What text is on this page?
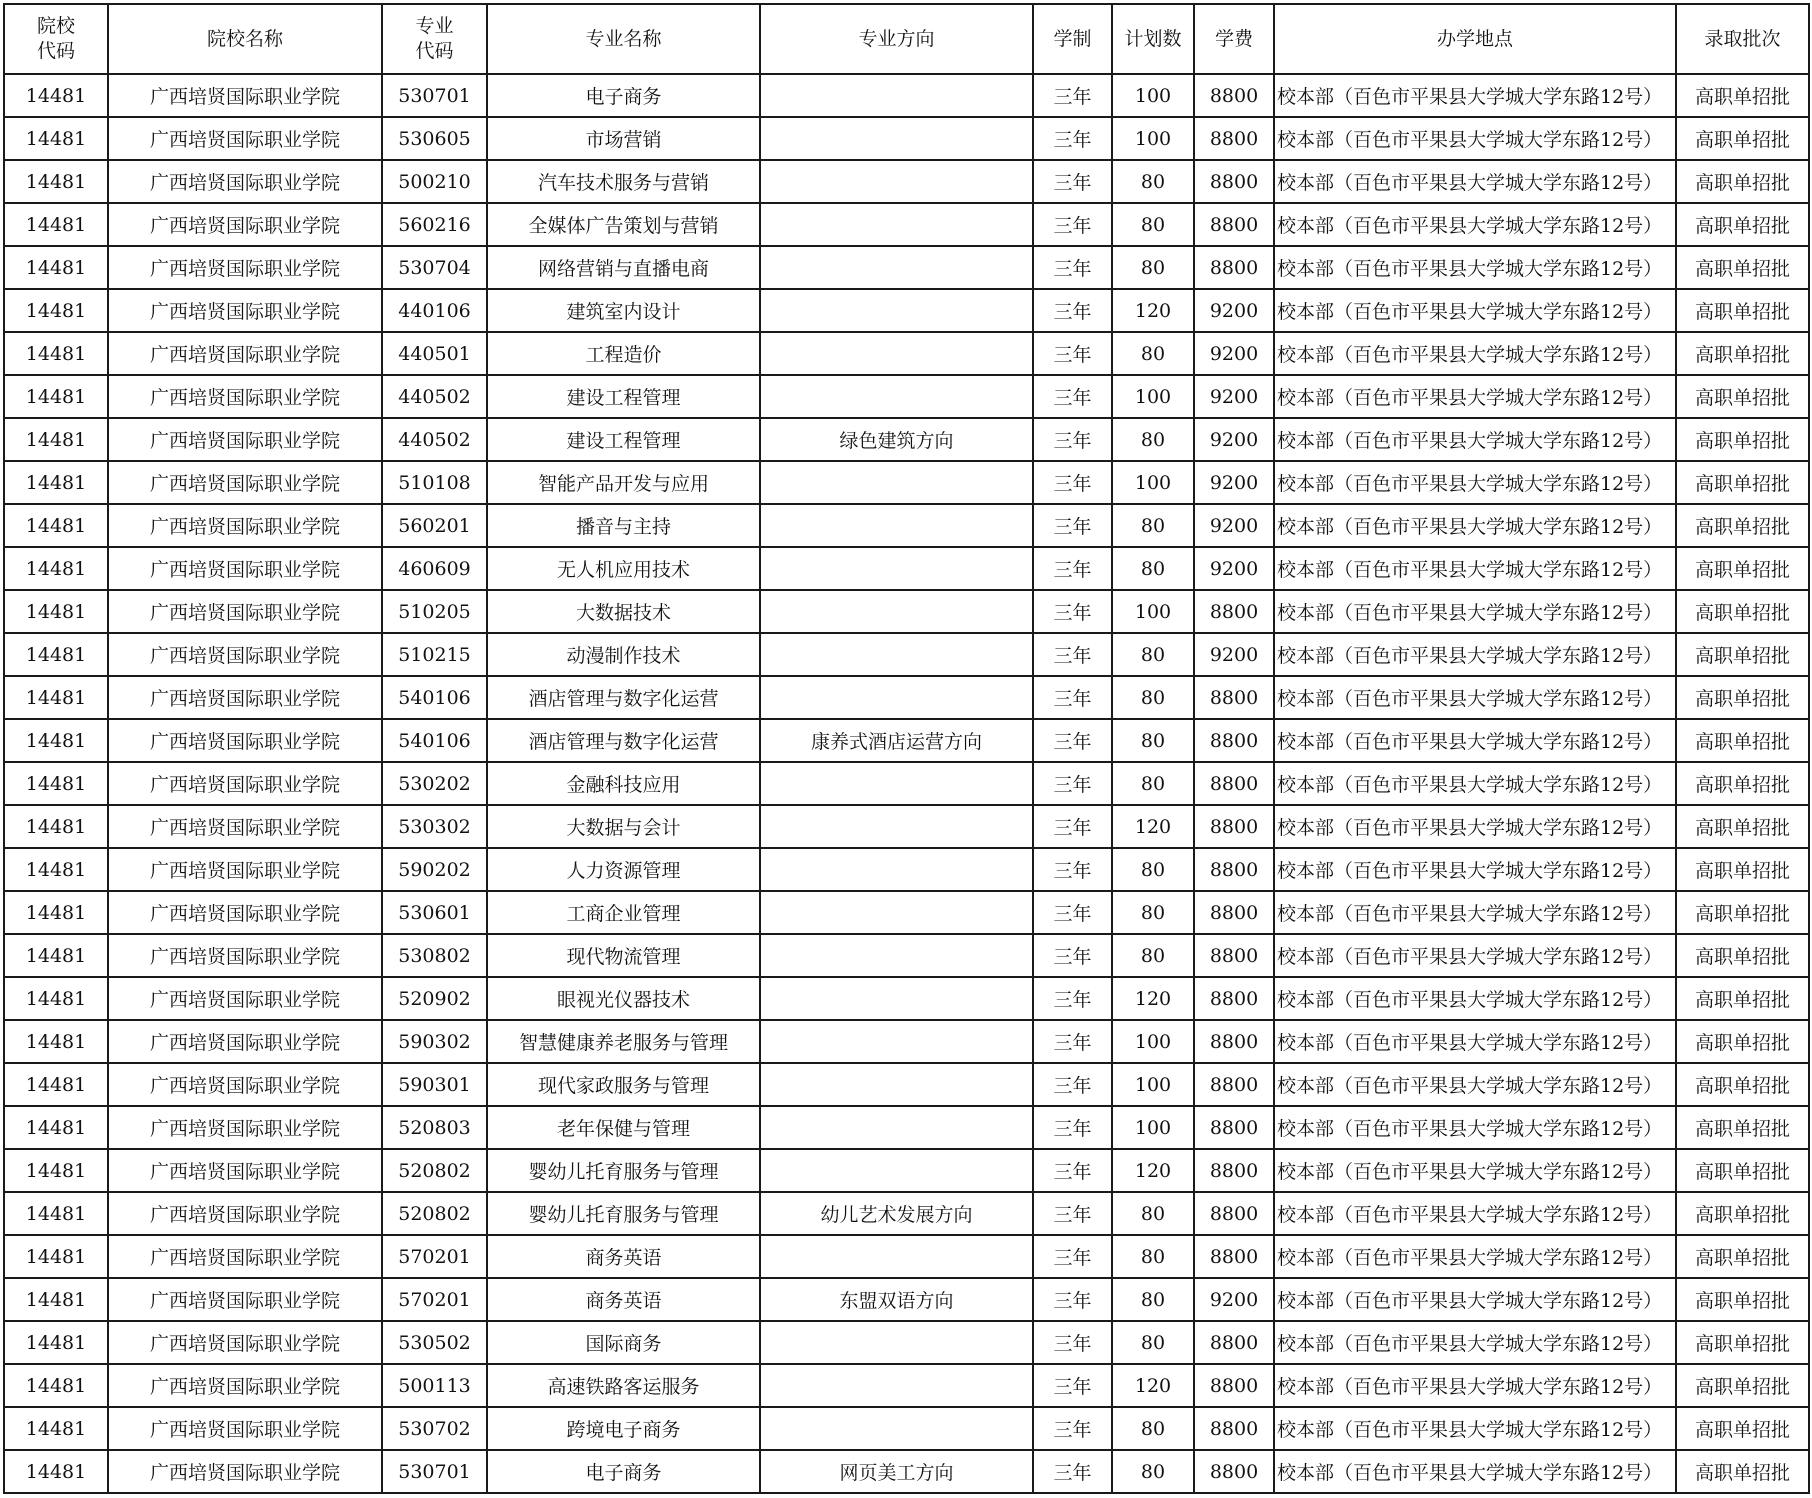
院校代码	院校名称	专业代码	专业名称	专业方向	学制	计划数	学费	办学地点	录取批次
14481	广西培贤国际职业学院	530701	电子商务		三年	100	8800	校本部（百色市平果县大学城大学东路12号）	高职单招批
14481	广西培贤国际职业学院	530605	市场营销		三年	100	8800	校本部（百色市平果县大学城大学东路12号）	高职单招批
14481	广西培贤国际职业学院	500210	汽车技术服务与营销		三年	80	8800	校本部（百色市平果县大学城大学东路12号）	高职单招批
14481	广西培贤国际职业学院	560216	全媒体广告策划与营销		三年	80	8800	校本部（百色市平果县大学城大学东路12号）	高职单招批
14481	广西培贤国际职业学院	530704	网络营销与直播电商		三年	80	8800	校本部（百色市平果县大学城大学东路12号）	高职单招批
14481	广西培贤国际职业学院	440106	建筑室内设计		三年	120	9200	校本部（百色市平果县大学城大学东路12号）	高职单招批
14481	广西培贤国际职业学院	440501	工程造价		三年	80	9200	校本部（百色市平果县大学城大学东路12号）	高职单招批
14481	广西培贤国际职业学院	440502	建设工程管理		三年	100	9200	校本部（百色市平果县大学城大学东路12号）	高职单招批
14481	广西培贤国际职业学院	440502	建设工程管理	绿色建筑方向	三年	80	9200	校本部（百色市平果县大学城大学东路12号）	高职单招批
14481	广西培贤国际职业学院	510108	智能产品开发与应用		三年	100	9200	校本部（百色市平果县大学城大学东路12号）	高职单招批
14481	广西培贤国际职业学院	560201	播音与主持		三年	80	9200	校本部（百色市平果县大学城大学东路12号）	高职单招批
14481	广西培贤国际职业学院	460609	无人机应用技术		三年	80	9200	校本部（百色市平果县大学城大学东路12号）	高职单招批
14481	广西培贤国际职业学院	510205	大数据技术		三年	100	8800	校本部（百色市平果县大学城大学东路12号）	高职单招批
14481	广西培贤国际职业学院	510215	动漫制作技术		三年	80	9200	校本部（百色市平果县大学城大学东路12号）	高职单招批
14481	广西培贤国际职业学院	540106	酒店管理与数字化运营		三年	80	8800	校本部（百色市平果县大学城大学东路12号）	高职单招批
14481	广西培贤国际职业学院	540106	酒店管理与数字化运营	康养式酒店运营方向	三年	80	8800	校本部（百色市平果县大学城大学东路12号）	高职单招批
14481	广西培贤国际职业学院	530202	金融科技应用		三年	80	8800	校本部（百色市平果县大学城大学东路12号）	高职单招批
14481	广西培贤国际职业学院	530302	大数据与会计		三年	120	8800	校本部（百色市平果县大学城大学东路12号）	高职单招批
14481	广西培贤国际职业学院	590202	人力资源管理		三年	80	8800	校本部（百色市平果县大学城大学东路12号）	高职单招批
14481	广西培贤国际职业学院	530601	工商企业管理		三年	80	8800	校本部（百色市平果县大学城大学东路12号）	高职单招批
14481	广西培贤国际职业学院	530802	现代物流管理		三年	80	8800	校本部（百色市平果县大学城大学东路12号）	高职单招批
14481	广西培贤国际职业学院	520902	眼视光仪器技术		三年	120	8800	校本部（百色市平果县大学城大学东路12号）	高职单招批
14481	广西培贤国际职业学院	590302	智慧健康养老服务与管理		三年	100	8800	校本部（百色市平果县大学城大学东路12号）	高职单招批
14481	广西培贤国际职业学院	590301	现代家政服务与管理		三年	100	8800	校本部（百色市平果县大学城大学东路12号）	高职单招批
14481	广西培贤国际职业学院	520803	老年保健与管理		三年	100	8800	校本部（百色市平果县大学城大学东路12号）	高职单招批
14481	广西培贤国际职业学院	520802	婴幼儿托育服务与管理		三年	120	8800	校本部（百色市平果县大学城大学东路12号）	高职单招批
14481	广西培贤国际职业学院	520802	婴幼儿托育服务与管理	幼儿艺术发展方向	三年	80	8800	校本部（百色市平果县大学城大学东路12号）	高职单招批
14481	广西培贤国际职业学院	570201	商务英语		三年	80	8800	校本部（百色市平果县大学城大学东路12号）	高职单招批
14481	广西培贤国际职业学院	570201	商务英语	东盟双语方向	三年	80	9200	校本部（百色市平果县大学城大学东路12号）	高职单招批
14481	广西培贤国际职业学院	530502	国际商务		三年	80	8800	校本部（百色市平果县大学城大学东路12号）	高职单招批
14481	广西培贤国际职业学院	500113	高速铁路客运服务		三年	120	8800	校本部（百色市平果县大学城大学东路12号）	高职单招批
14481	广西培贤国际职业学院	530702	跨境电子商务		三年	80	8800	校本部（百色市平果县大学城大学东路12号）	高职单招批
14481	广西培贤国际职业学院	530701	电子商务	网页美工方向	三年	80	8800	校本部（百色市平果县大学城大学东路12号）	高职单招批
